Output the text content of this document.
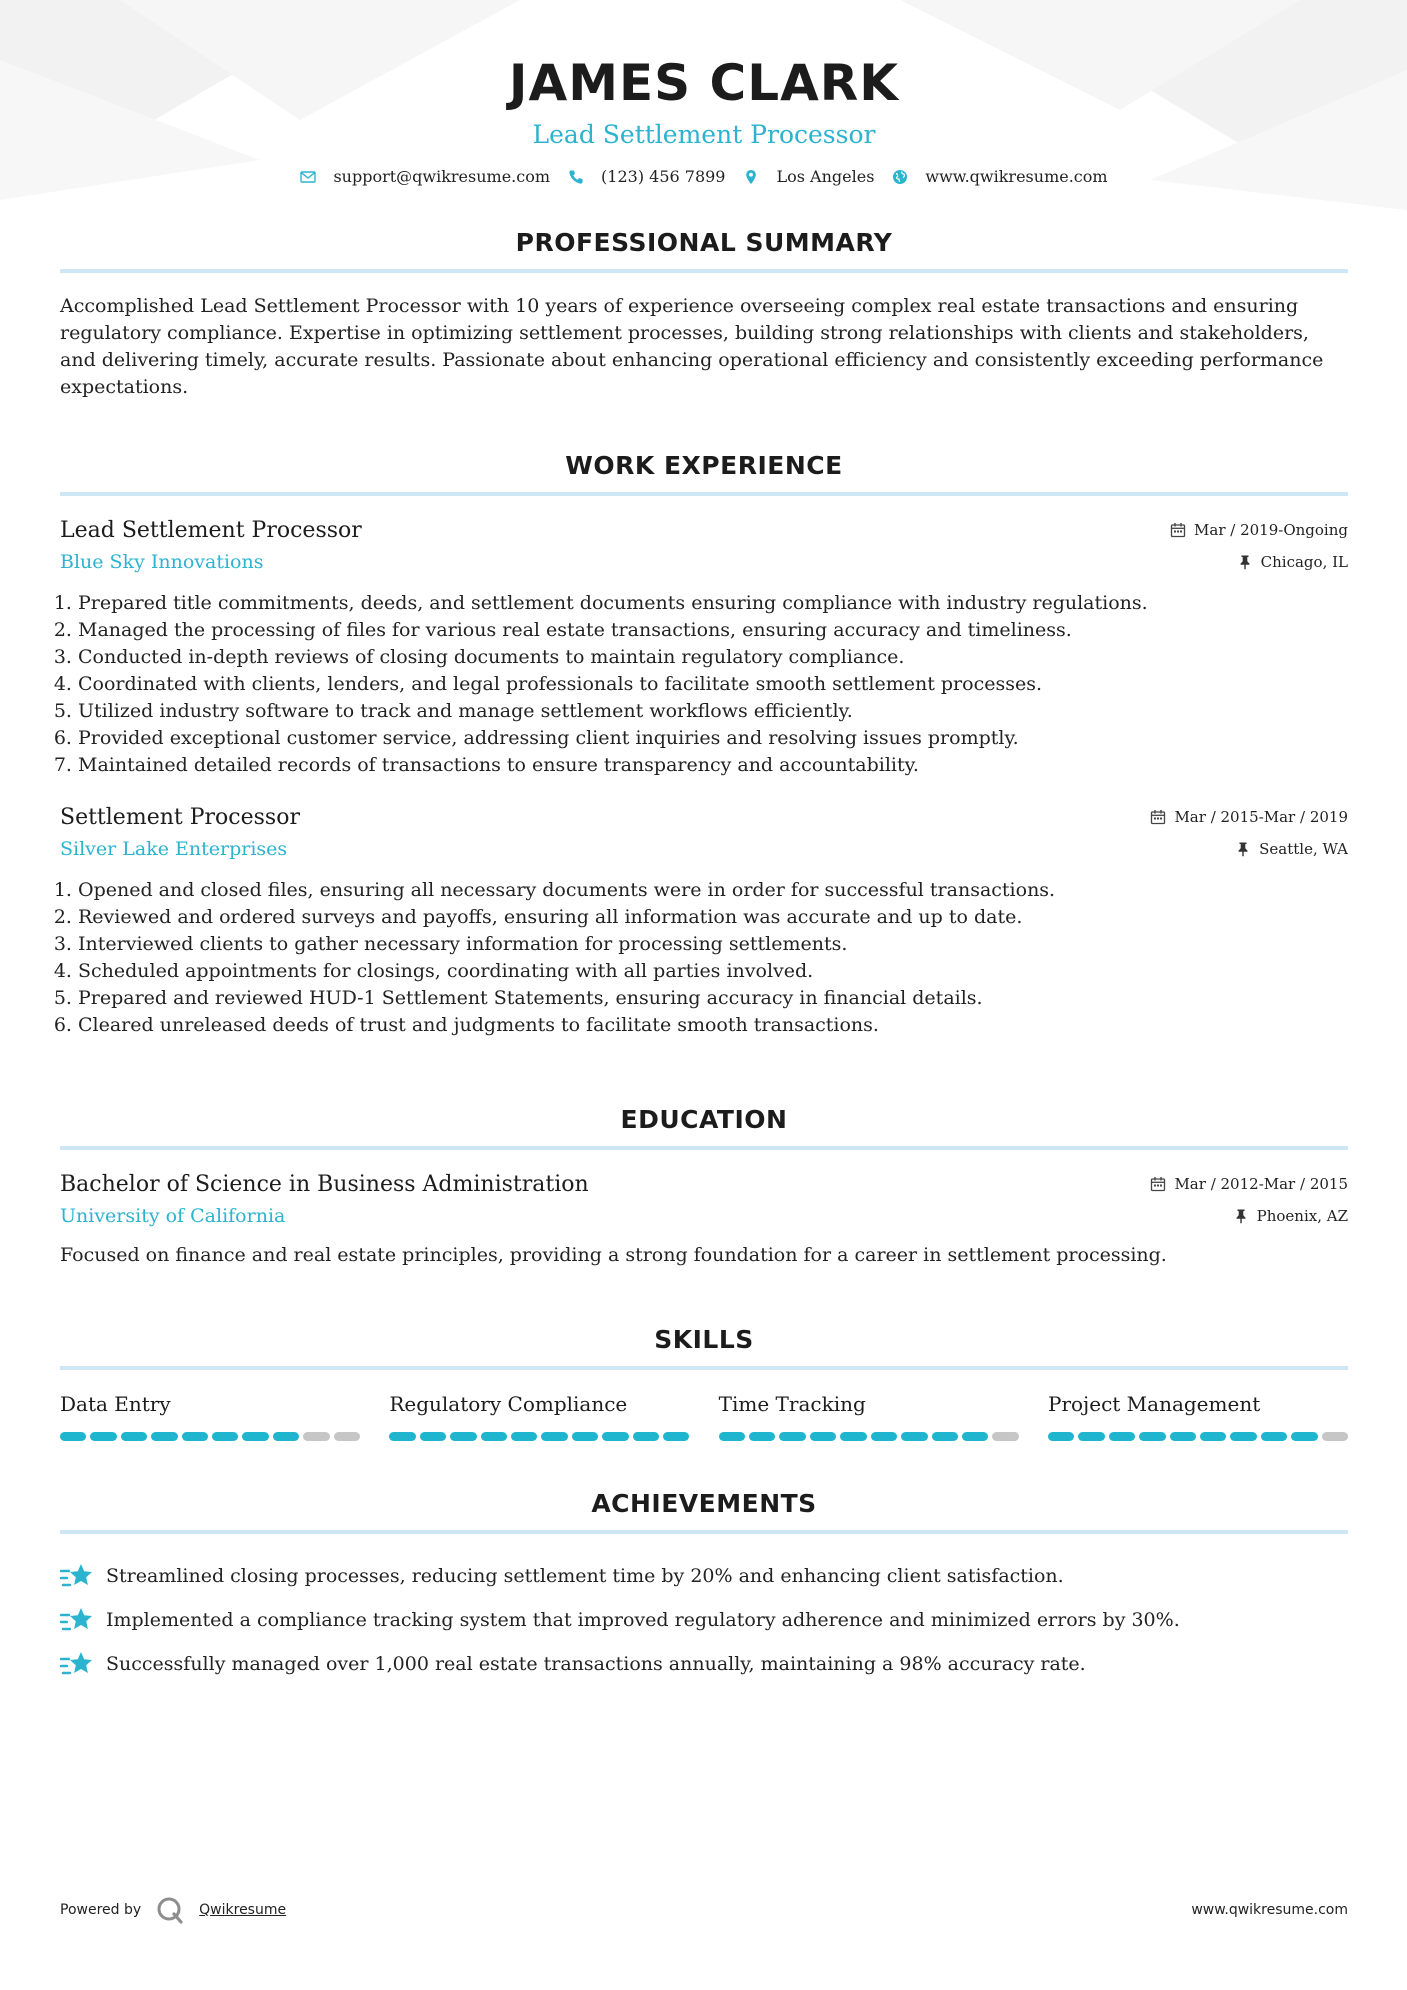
JAMES CLARK
Lead Settlement Processor
support@qwikresume.com	(123) 456 7899	Los Angeles	www.qwikresume.com
PROFESSIONAL SUMMARY
Accomplished Lead Settlement Processor with 10 years of experience overseeing complex real estate transactions and ensuring regulatory compliance. Expertise in optimizing settlement processes, building strong relationships with clients and stakeholders, and delivering timely, accurate results. Passionate about enhancing operational efficiency and consistently exceeding performance expectations.
WORK EXPERIENCE
Lead Settlement Processor
Blue Sky Innovations
Mar / 2019-Ongoing
Chicago, IL
1. Prepared title commitments, deeds, and settlement documents ensuring compliance with industry regulations.
2. Managed the processing of files for various real estate transactions, ensuring accuracy and timeliness.
3. Conducted in-depth reviews of closing documents to maintain regulatory compliance.
4. Coordinated with clients, lenders, and legal professionals to facilitate smooth settlement processes.
5. Utilized industry software to track and manage settlement workflows efficiently.
6. Provided exceptional customer service, addressing client inquiries and resolving issues promptly.
7. Maintained detailed records of transactions to ensure transparency and accountability.
Settlement Processor
Silver Lake Enterprises
Mar / 2015-Mar / 2019
Seattle, WA
1. Opened and closed files, ensuring all necessary documents were in order for successful transactions.
2. Reviewed and ordered surveys and payoffs, ensuring all information was accurate and up to date.
3. Interviewed clients to gather necessary information for processing settlements.
4. Scheduled appointments for closings, coordinating with all parties involved.
5. Prepared and reviewed HUD-1 Settlement Statements, ensuring accuracy in financial details.
6. Cleared unreleased deeds of trust and judgments to facilitate smooth transactions.
EDUCATION
Bachelor of Science in Business Administration
University of California
Mar / 2012-Mar / 2015
Phoenix, AZ
Focused on finance and real estate principles, providing a strong foundation for a career in settlement processing.
SKILLS
Data Entry	Regulatory Compliance	Time Tracking	Project Management
ACHIEVEMENTS
Streamlined closing processes, reducing settlement time by 20% and enhancing client satisfaction.
Implemented a compliance tracking system that improved regulatory adherence and minimized errors by 30%.
Successfully managed over 1,000 real estate transactions annually, maintaining a 98% accuracy rate.
Powered by	Qwikresume	www.qwikresume.com
